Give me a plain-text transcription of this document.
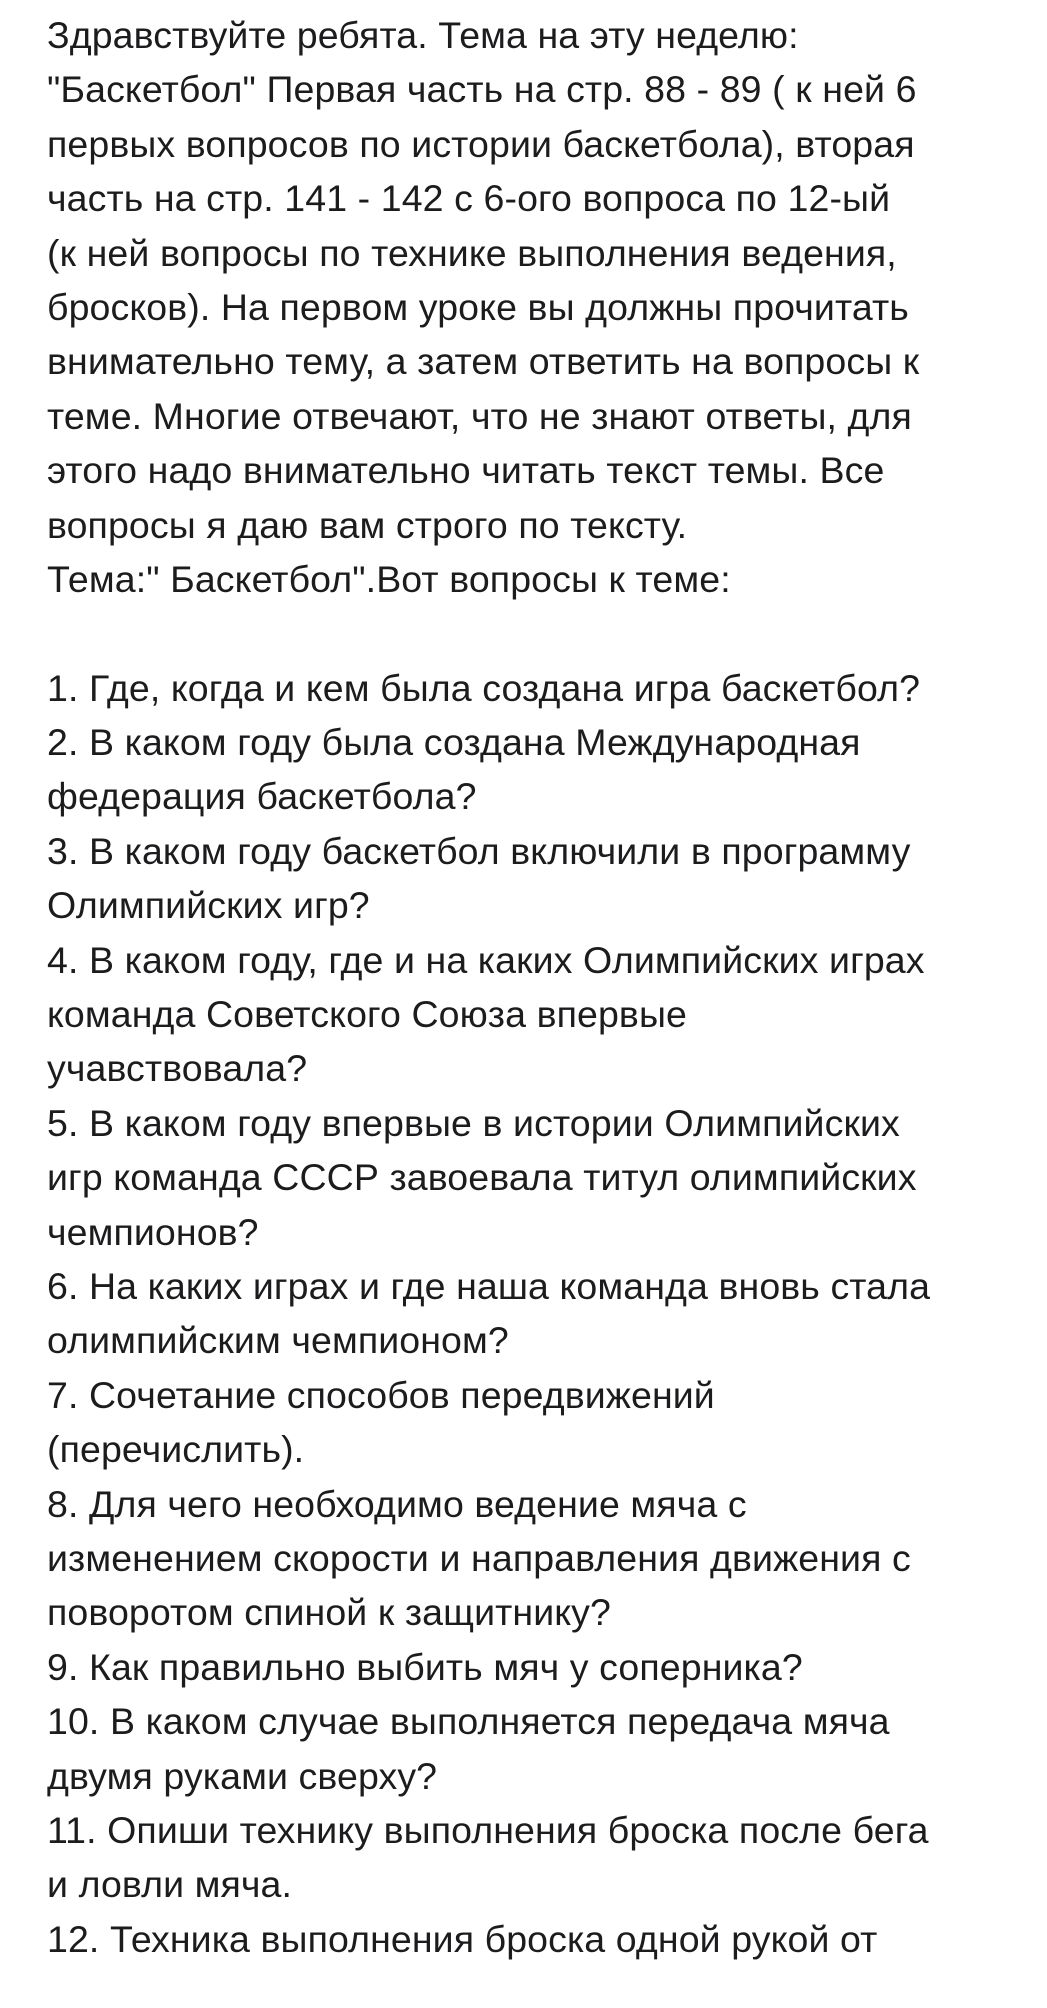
Здравствуйте ребята. Тема на эту неделю:
"Баскетбол" Первая часть на стр. 88 - 89 ( к ней 6
первых вопросов по истории баскетбола), вторая
часть на стр. 141 - 142 с 6-ого вопроса по 12-ый
(к ней вопросы по технике выполнения ведения,
бросков). На первом уроке вы должны прочитать
внимательно тему, а затем ответить на вопросы к
теме. Многие отвечают, что не знают ответы, для
этого надо внимательно читать текст темы. Все
вопросы я даю вам строго по тексту.
Тема:" Баскетбол".Вот вопросы к теме:
1. Где, когда и кем была создана игра баскетбол?
2. В каком году была создана Международная
федерация баскетбола?
3. В каком году баскетбол включили в программу
Олимпийских игр?
4. В каком году, где и на каких Олимпийских играх
команда Советского Союза впервые
учавствовала?
5. В каком году впервые в истории Олимпийских
игр команда СССР завоевала титул олимпийских
чемпионов?
6. На каких играх и где наша команда вновь стала
олимпийским чемпионом?
7. Сочетание способов передвижений
(перечислить).
8. Для чего необходимо ведение мяча с
изменением скорости и направления движения с
поворотом спиной к защитнику?
9. Как правильно выбить мяч у соперника?
10. В каком случае выполняется передача мяча
двумя руками сверху?
11. Опиши технику выполнения броска после бега
и ловли мяча.
12. Техника выполнения броска одной рукой от
